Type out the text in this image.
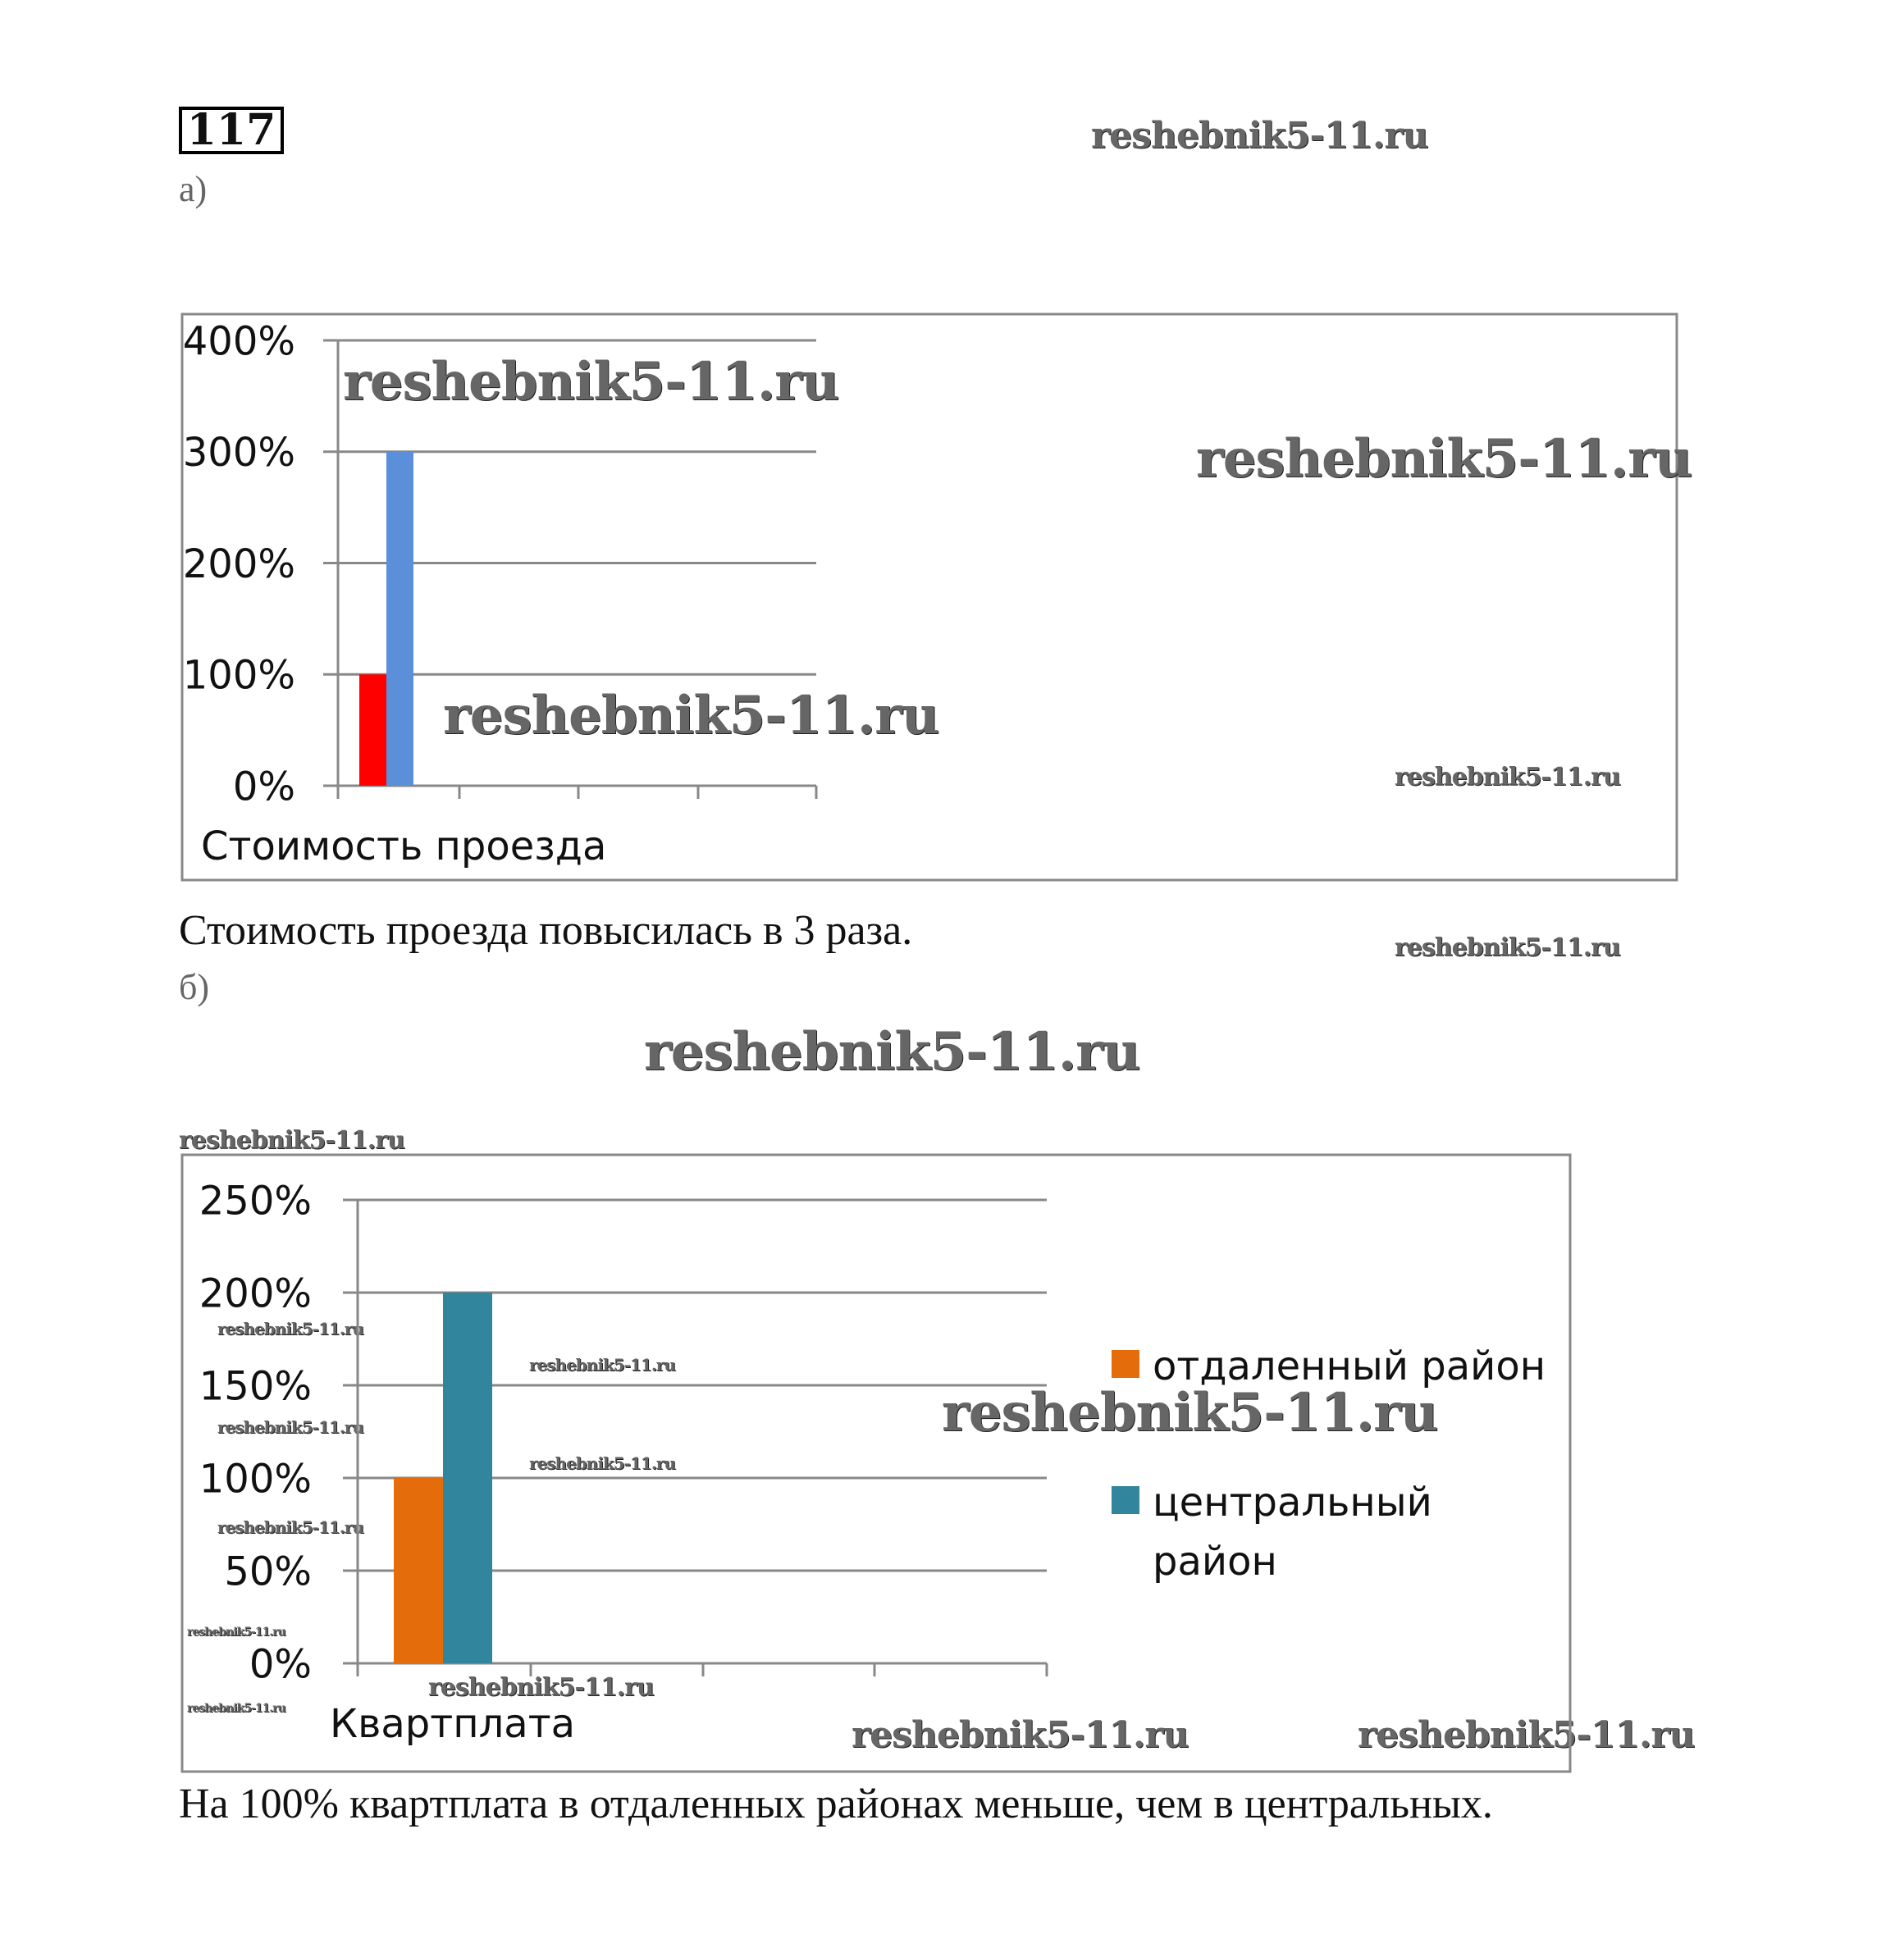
117
а)
0%
100%
200%
300%
400%
Стоимость проезда
Стоимость проезда повысилась в 3 раза.
б)
На 100% квартплата в отдаленных районах меньше, чем в центральных.
reshebnik5-11.ru
reshebnik5-11.ru
reshebnik5-11.ru
reshebnik5-11.ru
reshebnik5-11.ru
reshebnik5-11.ru
reshebnik5-11.ru
reshebnik5-11.ru
reshebnik5-11.ru
reshebnik5-11.ru
reshebnik5-11.ru
reshebnik5-11.ru
reshebnik5-11.ru
reshebnik5-11.ru
reshebnik5-11.ru
reshebnik5-11.ru
reshebnik5-11.ru
reshebnik5-11.ru	reshebnik5-11.ru
0%
50%
100%
150%
200%
250%
Квартплата
отдаленный район
центральный
район
